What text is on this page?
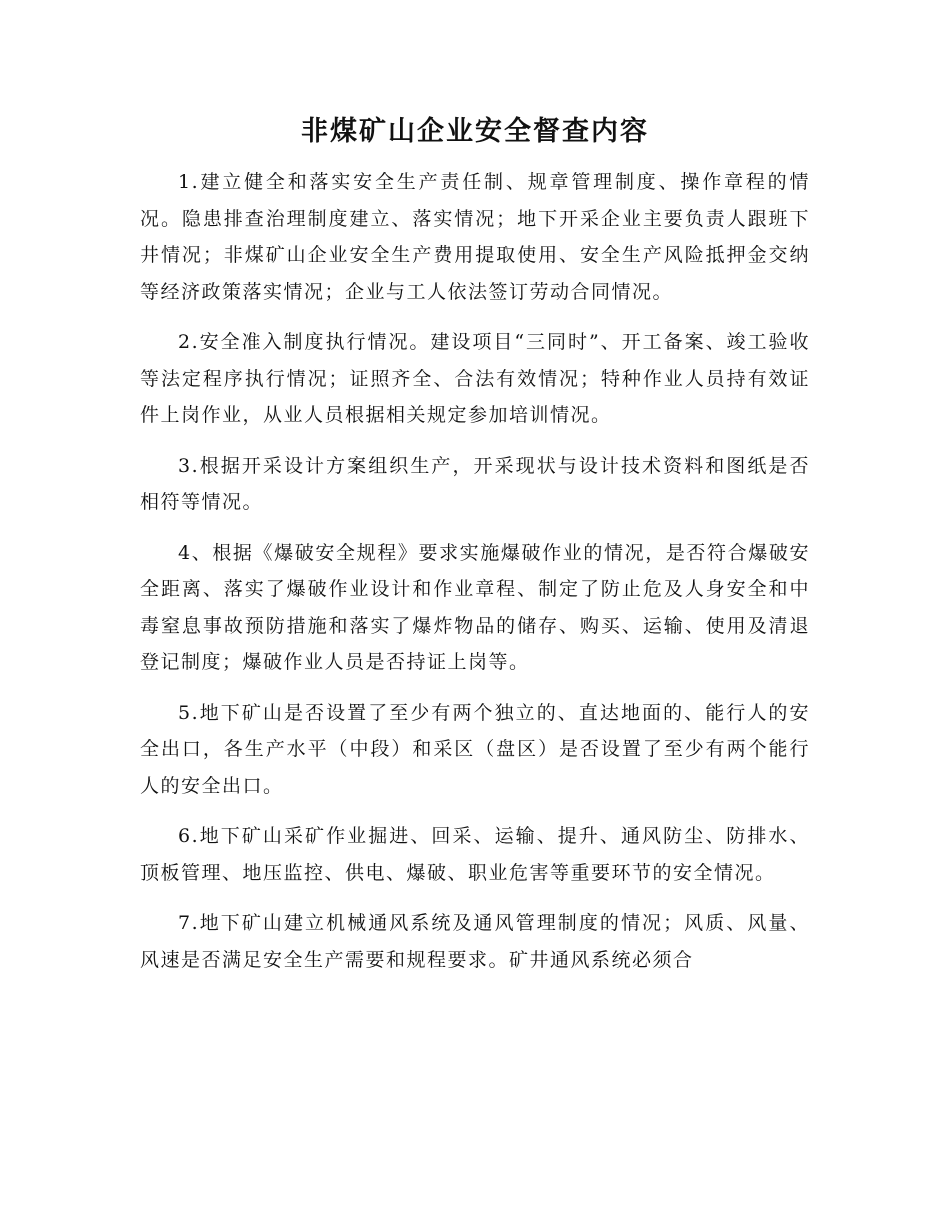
非煤矿山企业安全督查内容

1.建立健全和落实安全生产责任制、规章管理制度、操作章程的情况。隐患排查治理制度建立、落实情况；地下开采企业主要负责人跟班下井情况；非煤矿山企业安全生产费用提取使用、安全生产风险抵押金交纳等经济政策落实情况；企业与工人依法签订劳动合同情况。

2.安全准入制度执行情况。建设项目“三同时”、开工备案、竣工验收等法定程序执行情况；证照齐全、合法有效情况；特种作业人员持有效证件上岗作业，从业人员根据相关规定参加培训情况。

3.根据开采设计方案组织生产，开采现状与设计技术资料和图纸是否相符等情况。

4、根据《爆破安全规程》要求实施爆破作业的情况，是否符合爆破安全距离、落实了爆破作业设计和作业章程、制定了防止危及人身安全和中毒窒息事故预防措施和落实了爆炸物品的储存、购买、运输、使用及清退登记制度；爆破作业人员是否持证上岗等。

5.地下矿山是否设置了至少有两个独立的、直达地面的、能行人的安全出口，各生产水平（中段）和采区（盘区）是否设置了至少有两个能行人的安全出口。

6.地下矿山采矿作业掘进、回采、运输、提升、通风防尘、防排水、顶板管理、地压监控、供电、爆破、职业危害等重要环节的安全情况。

7.地下矿山建立机械通风系统及通风管理制度的情况；风质、风量、风速是否满足安全生产需要和规程要求。矿井通风系统必须合
